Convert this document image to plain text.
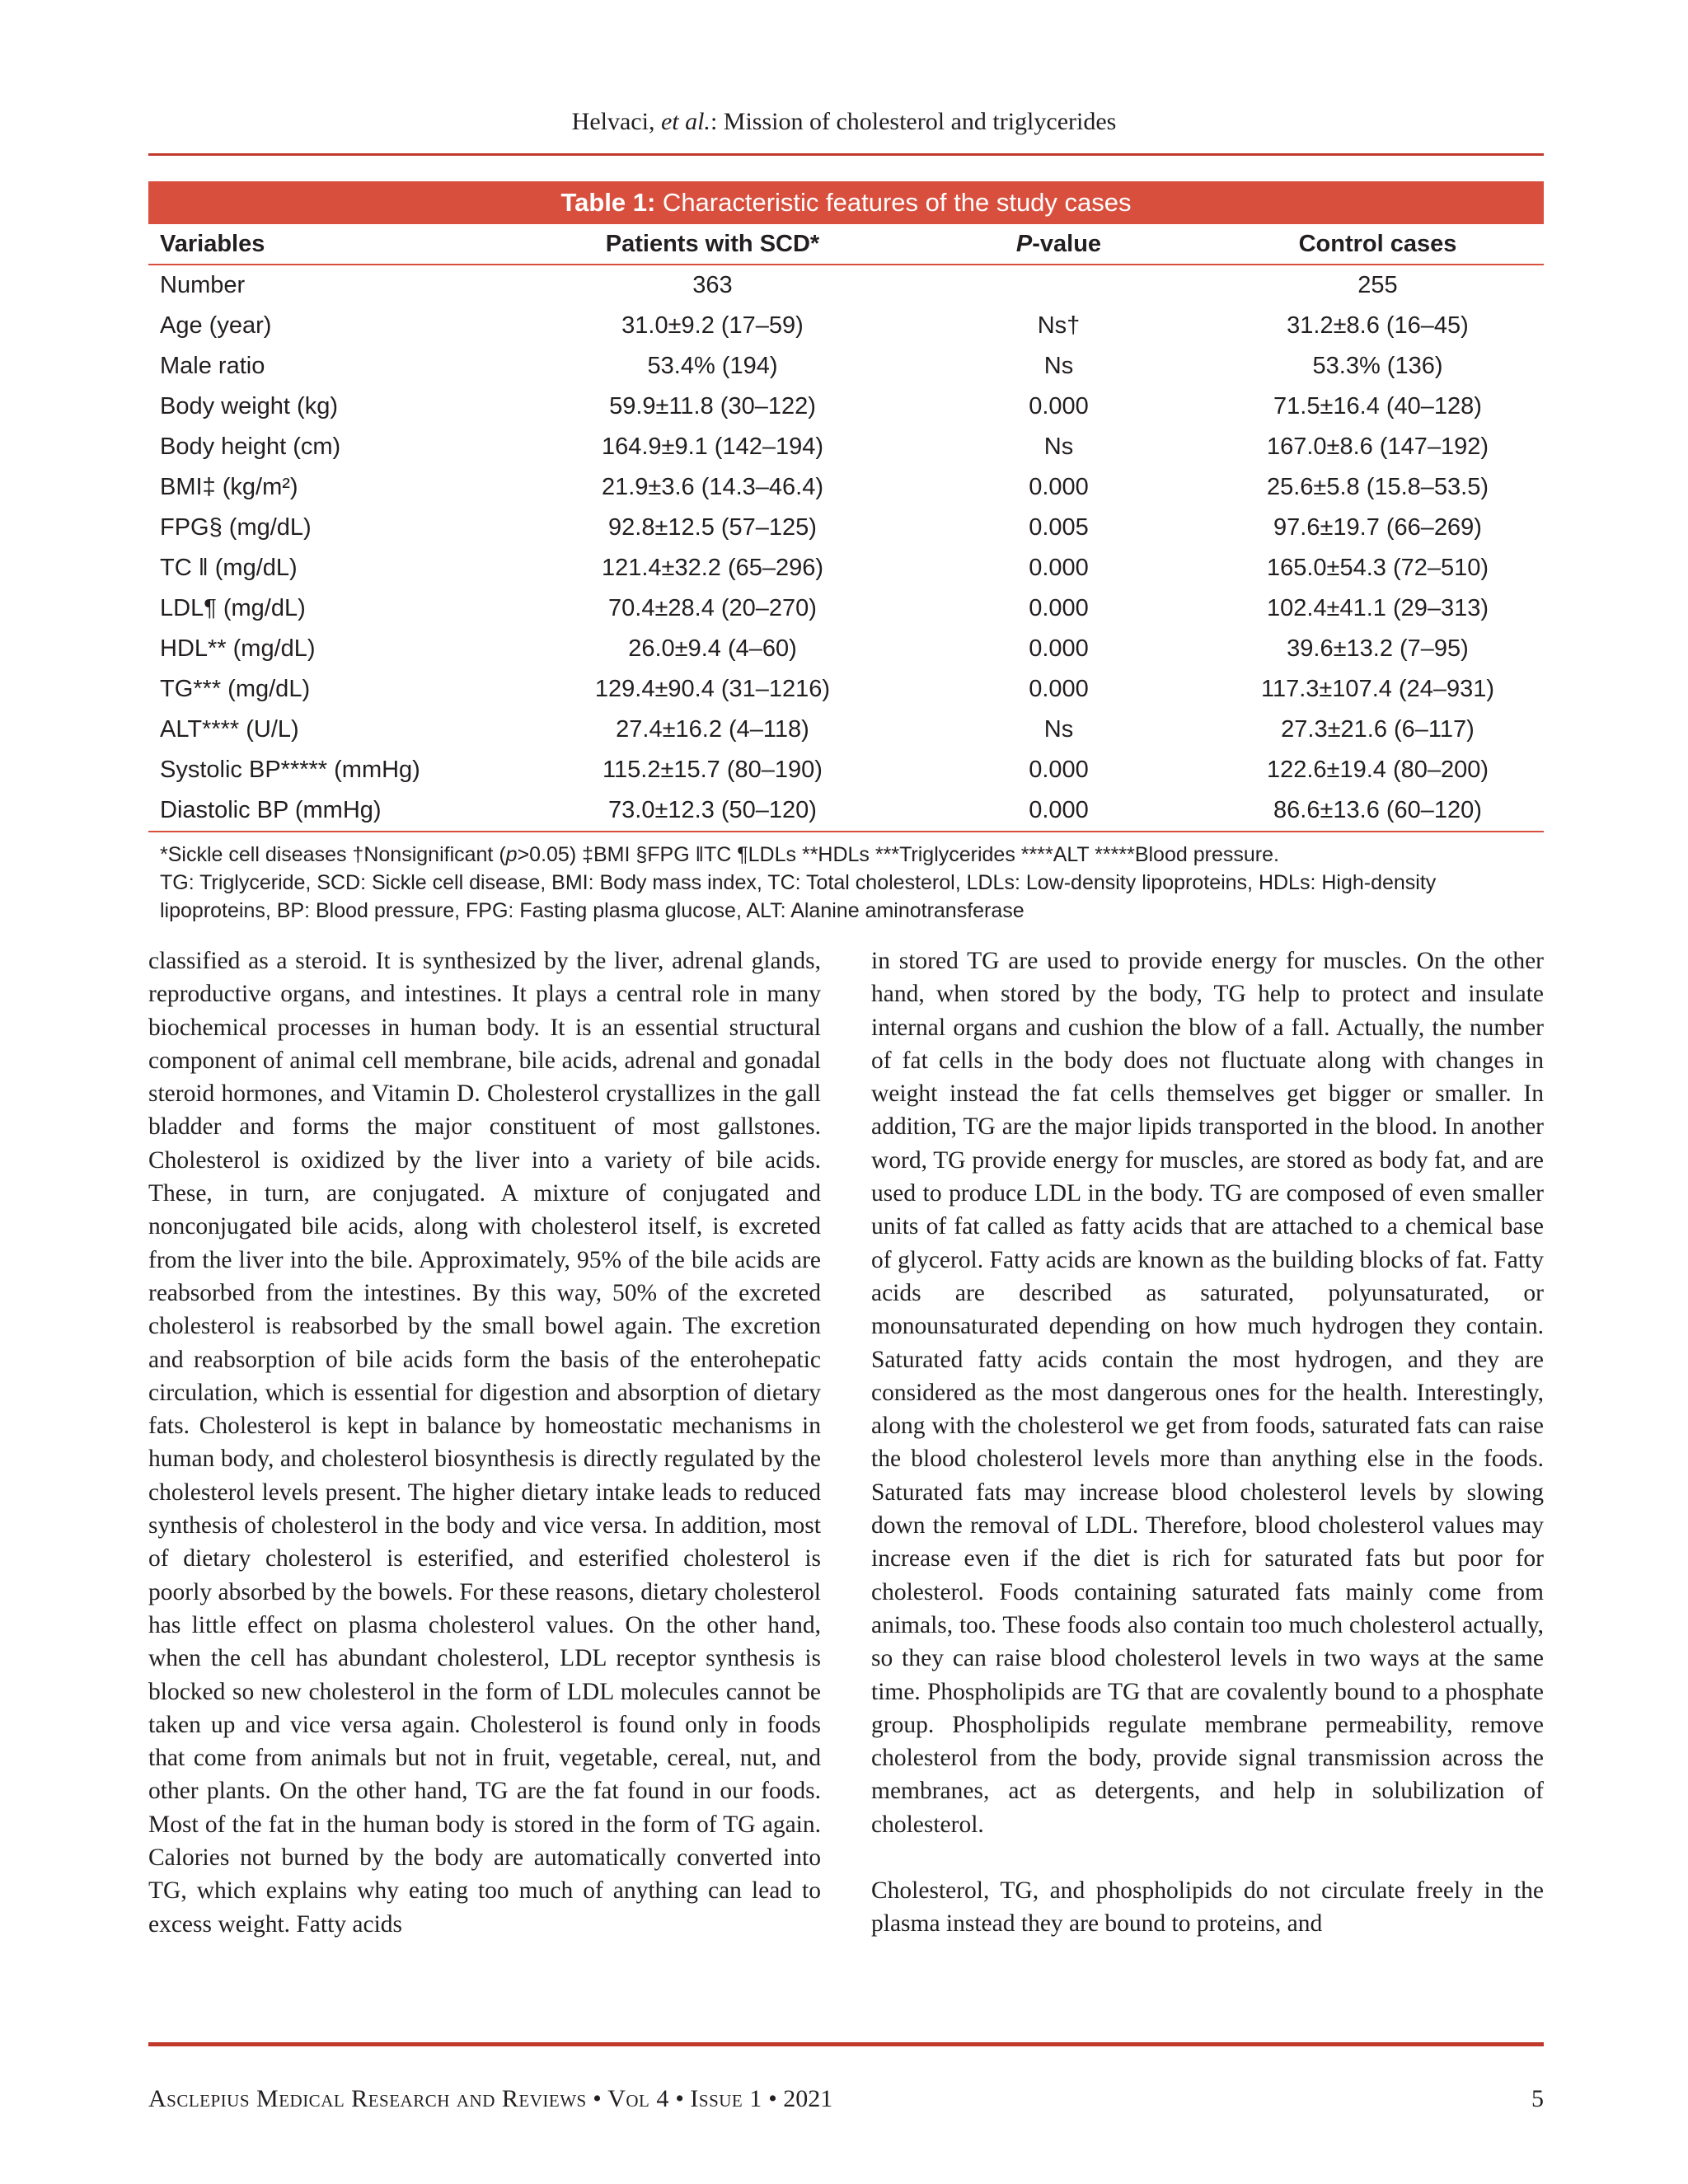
Helvaci, et al.: Mission of cholesterol and triglycerides
Table 1: Characteristic features of the study cases
Variables	Patients with SCD*	P-value	Control cases
Number	363		255
Age (year)	31.0±9.2 (17–59)	Ns†	31.2±8.6 (16–45)
Male ratio	53.4% (194)	Ns	53.3% (136)
Body weight (kg)	59.9±11.8 (30–122)	0.000	71.5±16.4 (40–128)
Body height (cm)	164.9±9.1 (142–194)	Ns	167.0±8.6 (147–192)
BMI‡ (kg/m²)	21.9±3.6 (14.3–46.4)	0.000	25.6±5.8 (15.8–53.5)
FPG§ (mg/dL)	92.8±12.5 (57–125)	0.005	97.6±19.7 (66–269)
TC ‖ (mg/dL)	121.4±32.2 (65–296)	0.000	165.0±54.3 (72–510)
LDL¶ (mg/dL)	70.4±28.4 (20–270)	0.000	102.4±41.1 (29–313)
HDL** (mg/dL)	26.0±9.4 (4–60)	0.000	39.6±13.2 (7–95)
TG*** (mg/dL)	129.4±90.4 (31–1216)	0.000	117.3±107.4 (24–931)
ALT**** (U/L)	27.4±16.2 (4–118)	Ns	27.3±21.6 (6–117)
Systolic BP***** (mmHg)	115.2±15.7 (80–190)	0.000	122.6±19.4 (80–200)
Diastolic BP (mmHg)	73.0±12.3 (50–120)	0.000	86.6±13.6 (60–120)

*Sickle cell diseases †Nonsignificant (p>0.05) ‡BMI §FPG ‖TC ¶LDLs **HDLs ***Triglycerides ****ALT *****Blood pressure.

TG: Triglyceride, SCD: Sickle cell disease, BMI: Body mass index, TC: Total cholesterol, LDLs: Low-density lipoproteins, HDLs: High-density lipoproteins, BP: Blood pressure, FPG: Fasting plasma glucose, ALT: Alanine aminotransferase

classified as a steroid. It is synthesized by the liver, adrenal glands, reproductive organs, and intestines. It plays a central role in many biochemical processes in human body. It is an essential structural component of animal cell membrane, bile acids, adrenal and gonadal steroid hormones, and Vitamin D. Cholesterol crystallizes in the gall bladder and forms the major constituent of most gallstones. Cholesterol is oxidized by the liver into a variety of bile acids. These, in turn, are conjugated. A mixture of conjugated and nonconjugated bile acids, along with cholesterol itself, is excreted from the liver into the bile. Approximately, 95% of the bile acids are reabsorbed from the intestines. By this way, 50% of the excreted cholesterol is reabsorbed by the small bowel again. The excretion and reabsorption of bile acids form the basis of the enterohepatic circulation, which is essential for digestion and absorption of dietary fats. Cholesterol is kept in balance by homeostatic mechanisms in human body, and cholesterol biosynthesis is directly regulated by the cholesterol levels present. The higher dietary intake leads to reduced synthesis of cholesterol in the body and vice versa. In addition, most of dietary cholesterol is esterified, and esterified cholesterol is poorly absorbed by the bowels. For these reasons, dietary cholesterol has little effect on plasma cholesterol values. On the other hand, when the cell has abundant cholesterol, LDL receptor synthesis is blocked so new cholesterol in the form of LDL molecules cannot be taken up and vice versa again. Cholesterol is found only in foods that come from animals but not in fruit, vegetable, cereal, nut, and other plants. On the other hand, TG are the fat found in our foods. Most of the fat in the human body is stored in the form of TG again. Calories not burned by the body are automatically converted into TG, which explains why eating too much of anything can lead to excess weight. Fatty acids

in stored TG are used to provide energy for muscles. On the other hand, when stored by the body, TG help to protect and insulate internal organs and cushion the blow of a fall. Actually, the number of fat cells in the body does not fluctuate along with changes in weight instead the fat cells themselves get bigger or smaller. In addition, TG are the major lipids transported in the blood. In another word, TG provide energy for muscles, are stored as body fat, and are used to produce LDL in the body. TG are composed of even smaller units of fat called as fatty acids that are attached to a chemical base of glycerol. Fatty acids are known as the building blocks of fat. Fatty acids are described as saturated, polyunsaturated, or monounsaturated depending on how much hydrogen they contain. Saturated fatty acids contain the most hydrogen, and they are considered as the most dangerous ones for the health. Interestingly, along with the cholesterol we get from foods, saturated fats can raise the blood cholesterol levels more than anything else in the foods. Saturated fats may increase blood cholesterol levels by slowing down the removal of LDL. Therefore, blood cholesterol values may increase even if the diet is rich for saturated fats but poor for cholesterol. Foods containing saturated fats mainly come from animals, too. These foods also contain too much cholesterol actually, so they can raise blood cholesterol levels in two ways at the same time. Phospholipids are TG that are covalently bound to a phosphate group. Phospholipids regulate membrane permeability, remove cholesterol from the body, provide signal transmission across the membranes, act as detergents, and help in solubilization of cholesterol.

Cholesterol, TG, and phospholipids do not circulate freely in the plasma instead they are bound to proteins, and

Asclepius Medical Research and Reviews • Vol 4 • Issue 1 • 2021	5
